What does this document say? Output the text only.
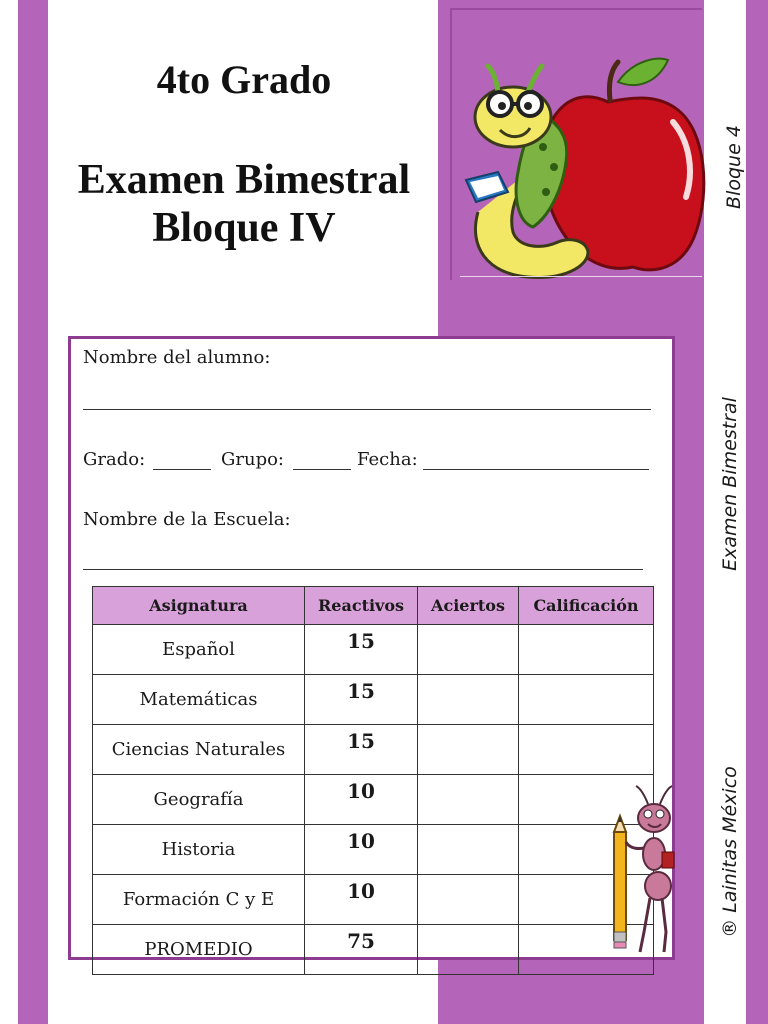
4to Grado
Examen Bimestral
Bloque IV
Bloque 4
Examen Bimestral
® Lainitas México
Nombre del alumno:
Grado:	Grupo:	Fecha:
Nombre de la Escuela:
Asignatura	Reactivos	Aciertos	Calificación
Español	15		
Matemáticas	15		
Ciencias Naturales	15		
Geografía	10		
Historia	10		
Formación C y E	10		
PROMEDIO	75		
